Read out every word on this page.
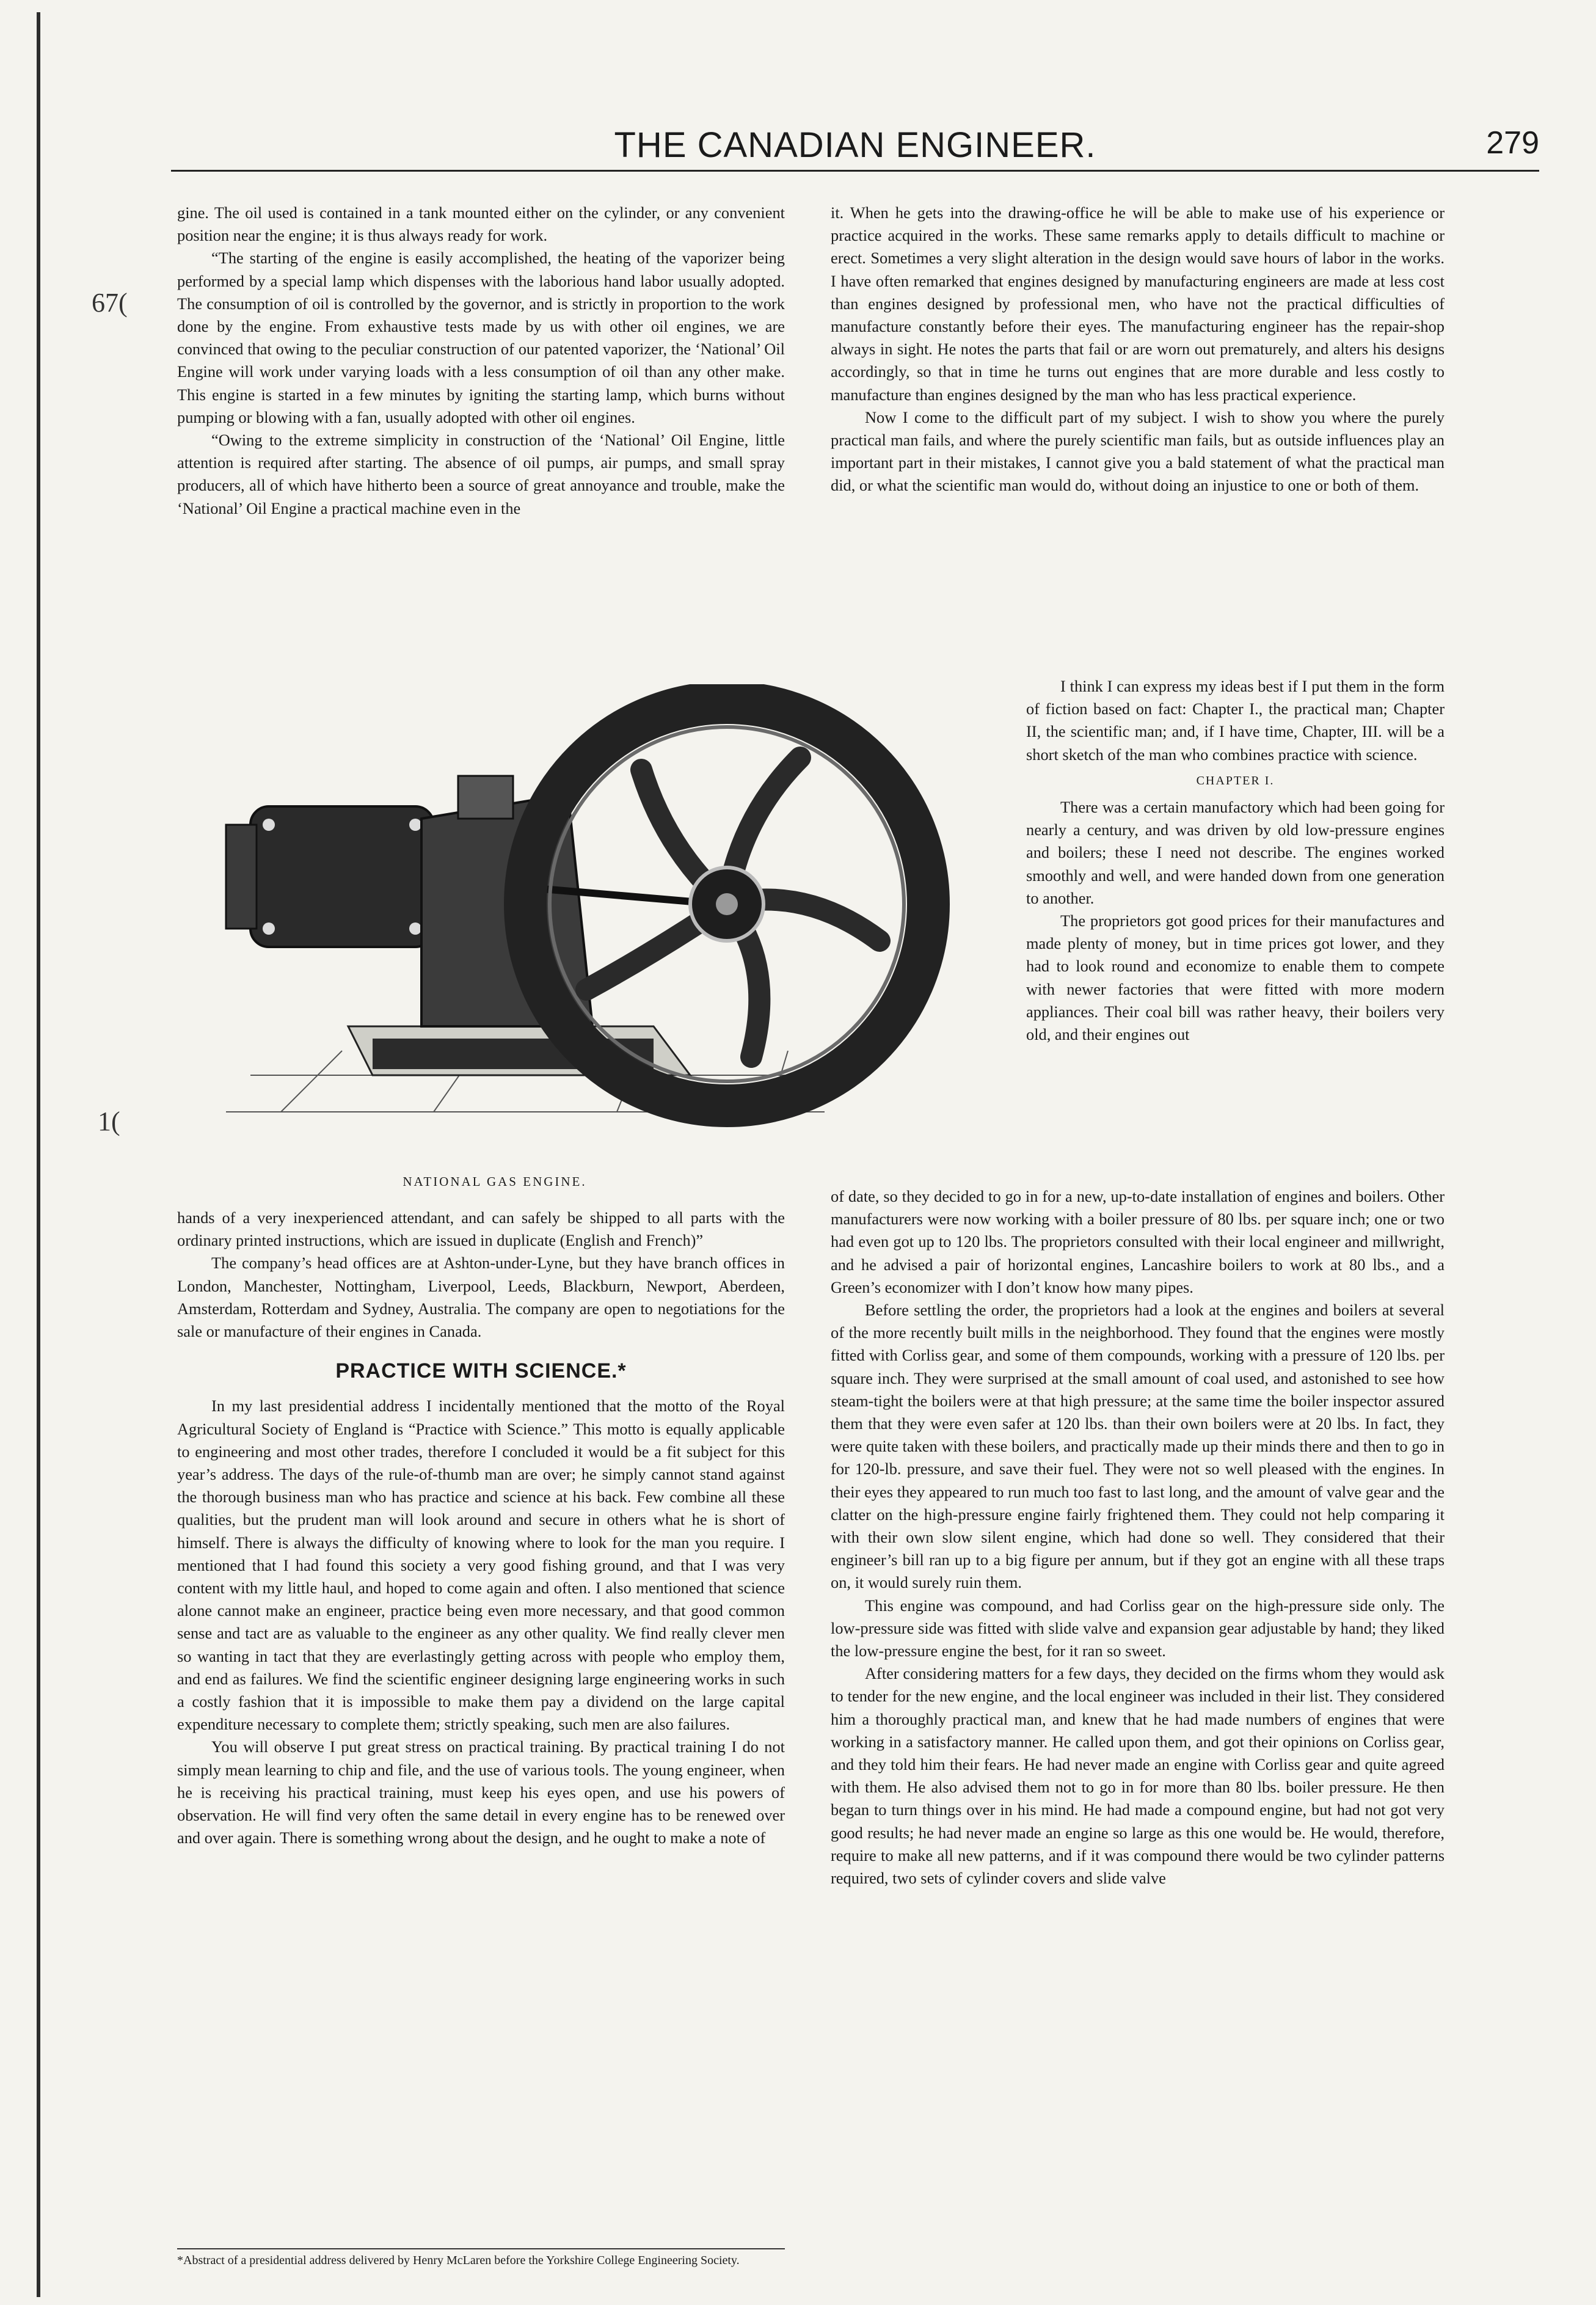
67(
1(
THE CANADIAN ENGINEER.	279

gine. The oil used is contained in a tank mounted either on the cylinder, or any convenient position near the engine; it is thus always ready for work.

“The starting of the engine is easily accomplished, the heating of the vaporizer being performed by a special lamp which dispenses with the laborious hand labor usually adopted. The consumption of oil is controlled by the governor, and is strictly in proportion to the work done by the engine. From exhaustive tests made by us with other oil engines, we are convinced that owing to the peculiar construction of our patented vaporizer, the ‘National’ Oil Engine will work under varying loads with a less consumption of oil than any other make. This engine is started in a few minutes by igniting the starting lamp, which burns without pumping or blowing with a fan, usually adopted with other oil engines.

“Owing to the extreme simplicity in construction of the ‘National’ Oil Engine, little attention is required after starting. The absence of oil pumps, air pumps, and small spray producers, all of which have hitherto been a source of great annoyance and trouble, make the ‘National’ Oil Engine a practical machine even in the

NATIONAL GAS ENGINE.

hands of a very inexperienced attendant, and can safely be shipped to all parts with the ordinary printed instructions, which are issued in duplicate (English and French)”

The company’s head offices are at Ashton-under-Lyne, but they have branch offices in London, Manchester, Nottingham, Liverpool, Leeds, Blackburn, Newport, Aberdeen, Amsterdam, Rotterdam and Sydney, Australia. The company are open to negotiations for the sale or manufacture of their engines in Canada.

PRACTICE WITH SCIENCE.*

In my last presidential address I incidentally mentioned that the motto of the Royal Agricultural Society of England is “Practice with Science.” This motto is equally applicable to engineering and most other trades, therefore I concluded it would be a fit subject for this year’s address. The days of the rule-of-thumb man are over; he simply cannot stand against the thorough business man who has practice and science at his back. Few combine all these qualities, but the prudent man will look around and secure in others what he is short of himself. There is always the difficulty of knowing where to look for the man you require. I mentioned that I had found this society a very good fishing ground, and that I was very content with my little haul, and hoped to come again and often. I also mentioned that science alone cannot make an engineer, practice being even more necessary, and that good common sense and tact are as valuable to the engineer as any other quality. We find really clever men so wanting in tact that they are everlastingly getting across with people who employ them, and end as failures. We find the scientific engineer designing large engineering works in such a costly fashion that it is impossible to make them pay a dividend on the large capital expenditure necessary to complete them; strictly speaking, such men are also failures.

You will observe I put great stress on practical training. By practical training I do not simply mean learning to chip and file, and the use of various tools. The young engineer, when he is receiving his practical training, must keep his eyes open, and use his powers of observation. He will find very often the same detail in every engine has to be renewed over and over again. There is something wrong about the design, and he ought to make a note of

*Abstract of a presidential address delivered by Henry McLaren before the Yorkshire College Engineering Society.

it. When he gets into the drawing-office he will be able to make use of his experience or practice acquired in the works. These same remarks apply to details difficult to machine or erect. Sometimes a very slight alteration in the design would save hours of labor in the works. I have often remarked that engines designed by manufacturing engineers are made at less cost than engines designed by professional men, who have not the practical difficulties of manufacture constantly before their eyes. The manufacturing engineer has the repair-shop always in sight. He notes the parts that fail or are worn out prematurely, and alters his designs accordingly, so that in time he turns out engines that are more durable and less costly to manufacture than engines designed by the man who has less practical experience.

Now I come to the difficult part of my subject. I wish to show you where the purely practical man fails, and where the purely scientific man fails, but as outside influences play an important part in their mistakes, I cannot give you a bald statement of what the practical man did, or what the scientific man would do, without doing an injustice to one or both of them.

I think I can express my ideas best if I put them in the form of fiction based on fact: Chapter I., the practical man; Chapter II, the scientific man; and, if I have time, Chapter, III. will be a short sketch of the man who combines practice with science.

CHAPTER I.

There was a certain manufactory which had been going for nearly a century, and was driven by old low-pressure engines and boilers; these I need not describe. The engines worked smoothly and well, and were handed down from one generation to another.

The proprietors got good prices for their manufactures and made plenty of money, but in time prices got lower, and they had to look round and economize to enable them to compete with newer factories that were fitted with more modern appliances. Their coal bill was rather heavy, their boilers very old, and their engines out

of date, so they decided to go in for a new, up-to-date installation of engines and boilers. Other manufacturers were now working with a boiler pressure of 80 lbs. per square inch; one or two had even got up to 120 lbs. The proprietors consulted with their local engineer and millwright, and he advised a pair of horizontal engines, Lancashire boilers to work at 80 lbs., and a Green’s economizer with I don’t know how many pipes.

Before settling the order, the proprietors had a look at the engines and boilers at several of the more recently built mills in the neighborhood. They found that the engines were mostly fitted with Corliss gear, and some of them compounds, working with a pressure of 120 lbs. per square inch. They were surprised at the small amount of coal used, and astonished to see how steam-tight the boilers were at that high pressure; at the same time the boiler inspector assured them that they were even safer at 120 lbs. than their own boilers were at 20 lbs. In fact, they were quite taken with these boilers, and practically made up their minds there and then to go in for 120-lb. pressure, and save their fuel. They were not so well pleased with the engines. In their eyes they appeared to run much too fast to last long, and the amount of valve gear and the clatter on the high-pressure engine fairly frightened them. They could not help comparing it with their own slow silent engine, which had done so well. They considered that their engineer’s bill ran up to a big figure per annum, but if they got an engine with all these traps on, it would surely ruin them.

This engine was compound, and had Corliss gear on the high-pressure side only. The low-pressure side was fitted with slide valve and expansion gear adjustable by hand; they liked the low-pressure engine the best, for it ran so sweet.

After considering matters for a few days, they decided on the firms whom they would ask to tender for the new engine, and the local engineer was included in their list. They considered him a thoroughly practical man, and knew that he had made numbers of engines that were working in a satisfactory manner. He called upon them, and got their opinions on Corliss gear, and they told him their fears. He had never made an engine with Corliss gear and quite agreed with them. He also advised them not to go in for more than 80 lbs. boiler pressure. He then began to turn things over in his mind. He had made a compound engine, but had not got very good results; he had never made an engine so large as this one would be. He would, therefore, require to make all new patterns, and if it was compound there would be two cylinder patterns required, two sets of cylinder covers and slide valve
